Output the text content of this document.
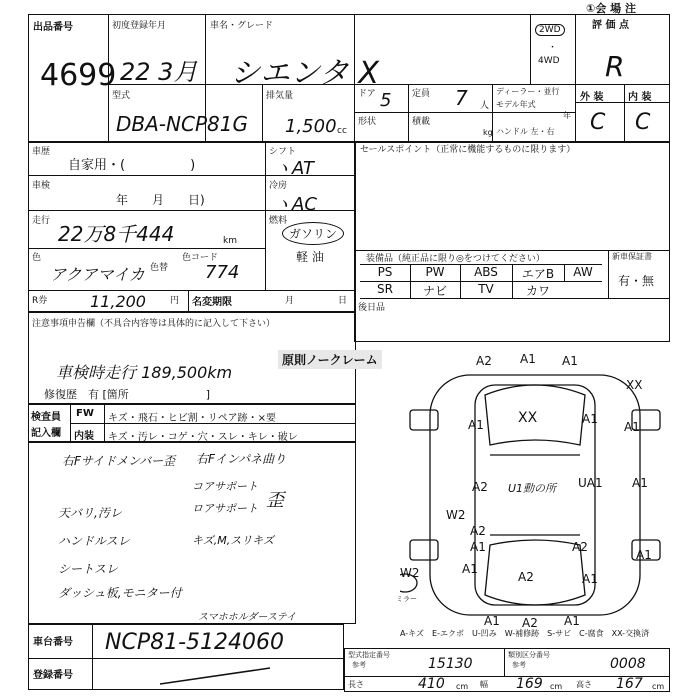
①会 場 注
出品番号
4699
初度登録年月
22 3月
車名・グレード
シエンタ X
2WD
・
4WD
評 価 点
R
外 装 内 装
C C
型式
DBA-NCP81G
排気量
1,500 cc
ドア 5 定員 7 人
ディーラー・並行
モデル年式
年
形状	積載
kg ハンドル 左・右
車歴
自家用・(　　　　　)
車検
年　　月　　日)
走行
22万8千444	km
色
アクアマイカ 色替
色コード
774
シフト
ヽAT
冷房
ヽAC
燃料
ガソリン
軽 油
R券	11,200	円 名変期限	月	日
セールスポイント（正常に機能するものに限ります）
装備品（純正品に限り◎をつけてください）	新車保証書
有・無
PS	PW	ABS	エアB	AW
SR	ナビ	TV	カワ
後日品
注意事項申告欄（不具合内容等は具体的に記入して下さい）
車検時走行 189,500km
修復歴　有 [箇所　　　　　　　]
原則ノークレーム
検査員
記入欄
FW キズ・飛石・ヒビ割・リペア跡・×要
内装 キズ・汚レ・コゲ・穴・スレ・キレ・破レ
右Fサイドメンバー歪 右Fインパネ曲り
コアサポート
ロアサポート 歪
天バリ,汚レ
ハンドルスレ	キズ,M,スリキズ
シートスレ
ダッシュ板,モニター付
スマホホルダーステイ
A2 A1 A1
XX
A1 XX	A1
A1
A2 U1動の所 UA1 A1
W2
A2
A1	A2
W2
A1
A1
A2	A1
A1 A2 A1
ミラー
A-キズ　E-エクボ　U-凹み　W-補修跡　S-サビ　C-腐食　XX-交換済
車台番号 NCP81-5124060
登録番号
型式指定番号
参考	15130
類別区分番号
参考	0008
長さ	410 cm 幅 169 cm 高さ 167 cm
